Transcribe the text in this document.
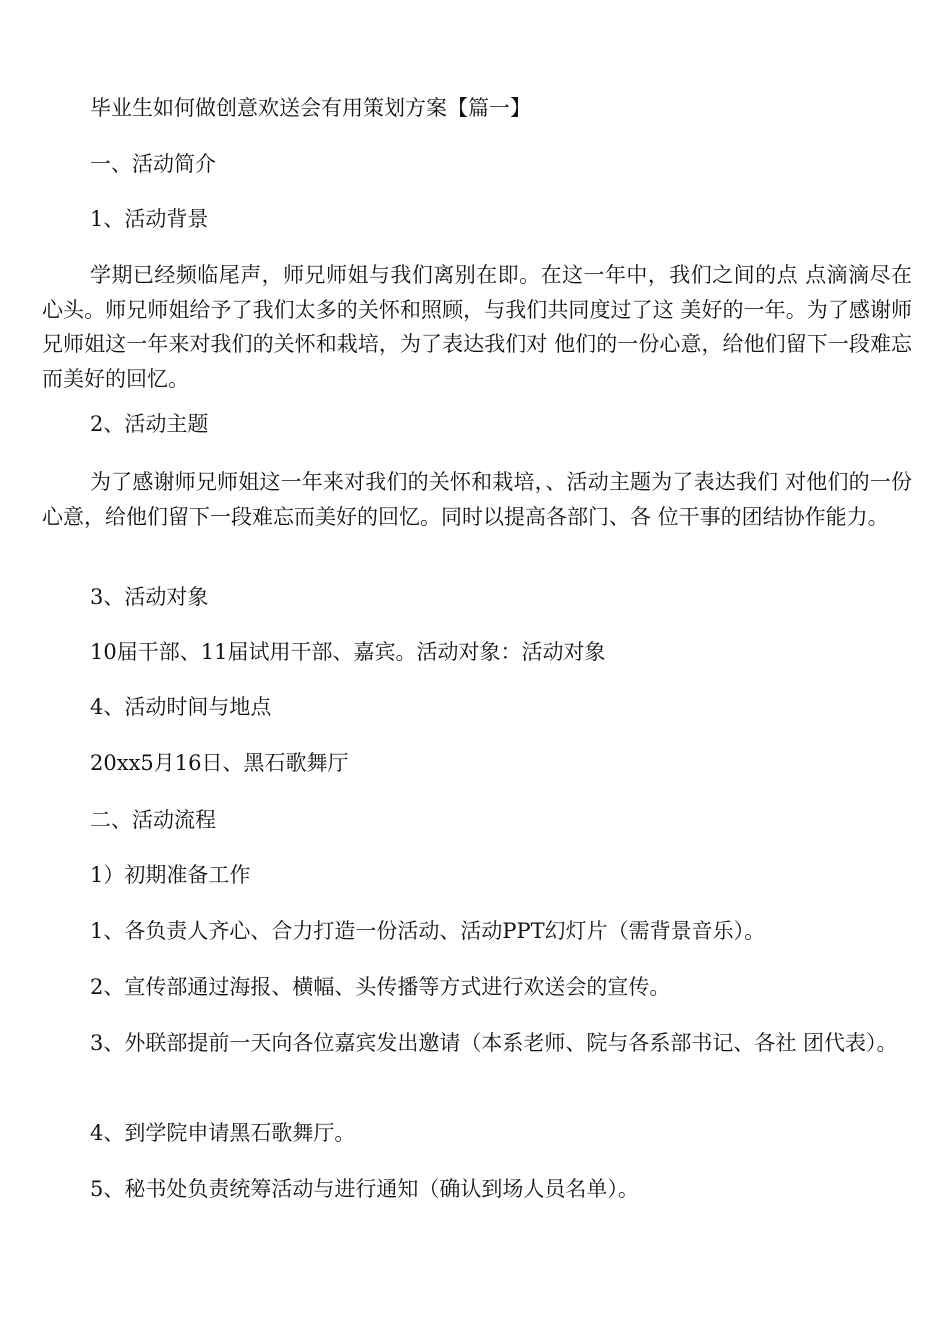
毕业生如何做创意欢送会有用策划方案【篇一】
一、活动简介
1、活动背景
学期已经频临尾声，师兄师姐与我们离别在即。在这一年中，我们之间的点 点滴滴尽在心头。师兄师姐给予了我们太多的关怀和照顾，与我们共同度过了这 美好的一年。为了感谢师兄师姐这一年来对我们的关怀和栽培，为了表达我们对 他们的一份心意，给他们留下一段难忘而美好的回忆。
2、活动主题
为了感谢师兄师姐这一年来对我们的关怀和栽培，、活动主题为了表达我们 对他们的一份心意，给他们留下一段难忘而美好的回忆。同时以提高各部门、各 位干事的团结协作能力。
3、活动对象
10届干部、11届试用干部、嘉宾。活动对象：活动对象
4、活动时间与地点
20xx5月16日、黑石歌舞厅
二、活动流程
1）初期准备工作
1、各负责人齐心、合力打造一份活动、活动PPT幻灯片（需背景音乐）。
2、宣传部通过海报、横幅、头传播等方式进行欢送会的宣传。
3、外联部提前一天向各位嘉宾发出邀请（本系老师、院与各系部书记、各社 团代表）。
4、到学院申请黑石歌舞厅。
5、秘书处负责统筹活动与进行通知（确认到场人员名单）。
